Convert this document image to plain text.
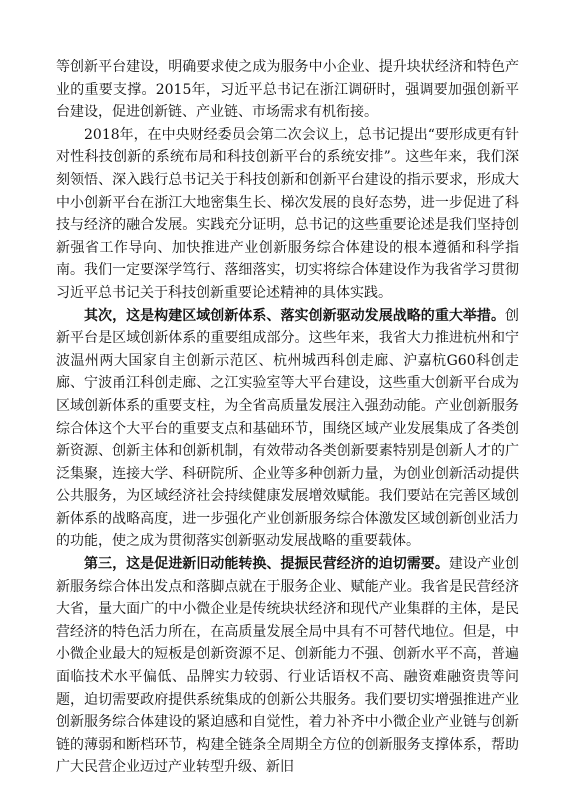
等创新平台建设，明确要求使之成为服务中小企业、提升块状经济和特色产业的重要支撑。2015年，习近平总书记在浙江调研时，强调要加强创新平台建设，促进创新链、产业链、市场需求有机衔接。

2018年，在中央财经委员会第二次会议上，总书记提出“要形成更有针对性科技创新的系统布局和科技创新平台的系统安排”。这些年来，我们深刻领悟、深入践行总书记关于科技创新和创新平台建设的指示要求，形成大中小创新平台在浙江大地密集生长、梯次发展的良好态势，进一步促进了科技与经济的融合发展。实践充分证明，总书记的这些重要论述是我们坚持创新强省工作导向、加快推进产业创新服务综合体建设的根本遵循和科学指南。我们一定要深学笃行、落细落实，切实将综合体建设作为我省学习贯彻习近平总书记关于科技创新重要论述精神的具体实践。

其次，这是构建区域创新体系、落实创新驱动发展战略的重大举措。创新平台是区域创新体系的重要组成部分。这些年来，我省大力推进杭州和宁波温州两大国家自主创新示范区、杭州城西科创走廊、沪嘉杭G60科创走廊、宁波甬江科创走廊、之江实验室等大平台建设，这些重大创新平台成为区域创新体系的重要支柱，为全省高质量发展注入强劲动能。产业创新服务综合体这个大平台的重要支点和基础环节，围绕区域产业发展集成了各类创新资源、创新主体和创新机制，有效带动各类创新要素特别是创新人才的广泛集聚，连接大学、科研院所、企业等多种创新力量，为创业创新活动提供公共服务，为区域经济社会持续健康发展增效赋能。我们要站在完善区域创新体系的战略高度，进一步强化产业创新服务综合体激发区域创新创业活力的功能，使之成为贯彻落实创新驱动发展战略的重要载体。

第三，这是促进新旧动能转换、提振民营经济的迫切需要。建设产业创新服务综合体出发点和落脚点就在于服务企业、赋能产业。我省是民营经济大省，量大面广的中小微企业是传统块状经济和现代产业集群的主体，是民营经济的特色活力所在，在高质量发展全局中具有不可替代地位。但是，中小微企业最大的短板是创新资源不足、创新能力不强、创新水平不高，普遍面临技术水平偏低、品牌实力较弱、行业话语权不高、融资难融资贵等问题，迫切需要政府提供系统集成的创新公共服务。我们要切实增强推进产业创新服务综合体建设的紧迫感和自觉性，着力补齐中小微企业产业链与创新链的薄弱和断档环节，构建全链条全周期全方位的创新服务支撑体系，帮助广大民营企业迈过产业转型升级、新旧
